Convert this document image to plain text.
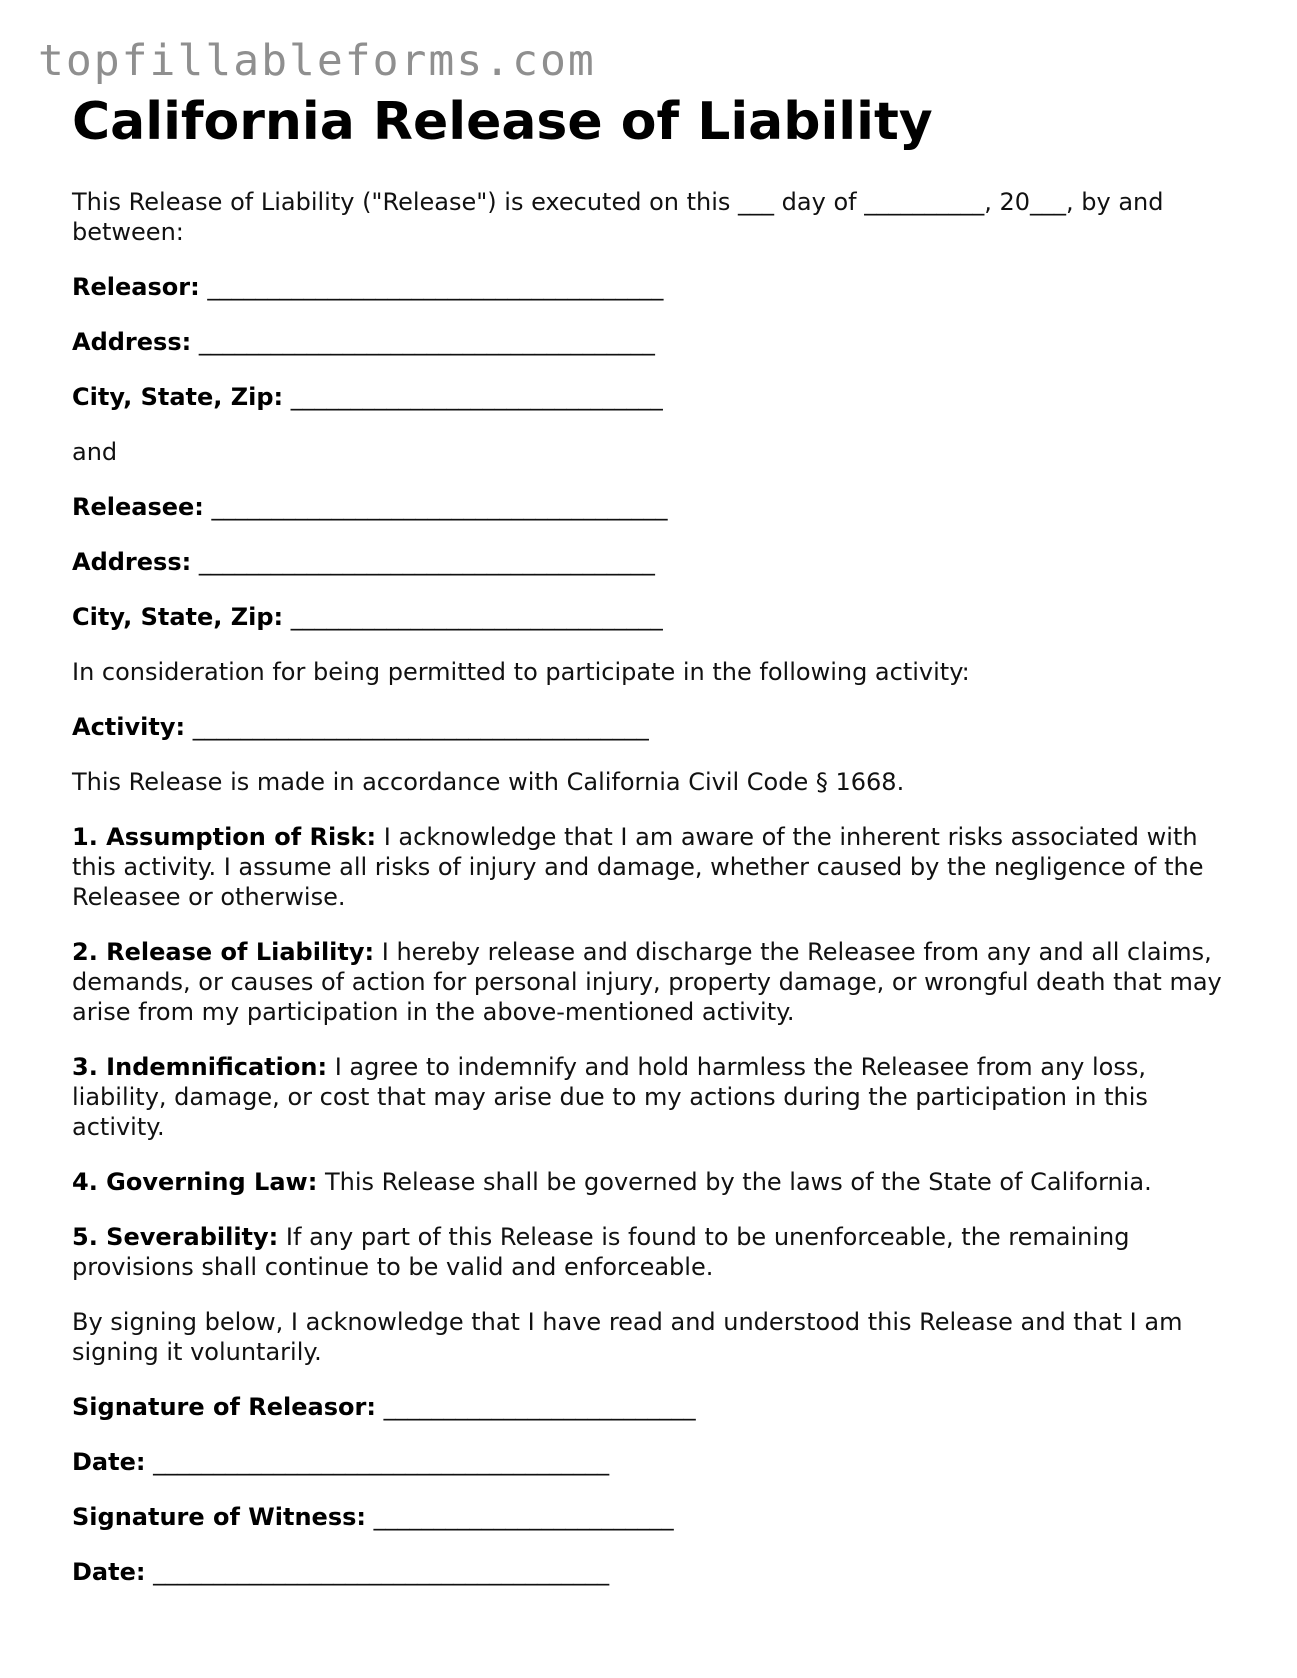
topfillableforms.com
California Release of Liability

This Release of Liability ("Release") is executed on this ___ day of __________, 20___, by and between:

Releasor: ______________________________________

Address: ______________________________________

City, State, Zip: _______________________________

and

Releasee: ______________________________________

Address: ______________________________________

City, State, Zip: _______________________________

In consideration for being permitted to participate in the following activity:

Activity: ______________________________________

This Release is made in accordance with California Civil Code § 1668.

1. Assumption of Risk: I acknowledge that I am aware of the inherent risks associated with this activity. I assume all risks of injury and damage, whether caused by the negligence of the Releasee or otherwise.

2. Release of Liability: I hereby release and discharge the Releasee from any and all claims, demands, or causes of action for personal injury, property damage, or wrongful death that may arise from my participation in the above-mentioned activity.

3. Indemnification: I agree to indemnify and hold harmless the Releasee from any loss, liability, damage, or cost that may arise due to my actions during the participation in this activity.

4. Governing Law: This Release shall be governed by the laws of the State of California.

5. Severability: If any part of this Release is found to be unenforceable, the remaining provisions shall continue to be valid and enforceable.

By signing below, I acknowledge that I have read and understood this Release and that I am signing it voluntarily.

Signature of Releasor: __________________________

Date: ______________________________________

Signature of Witness: _________________________

Date: ______________________________________
